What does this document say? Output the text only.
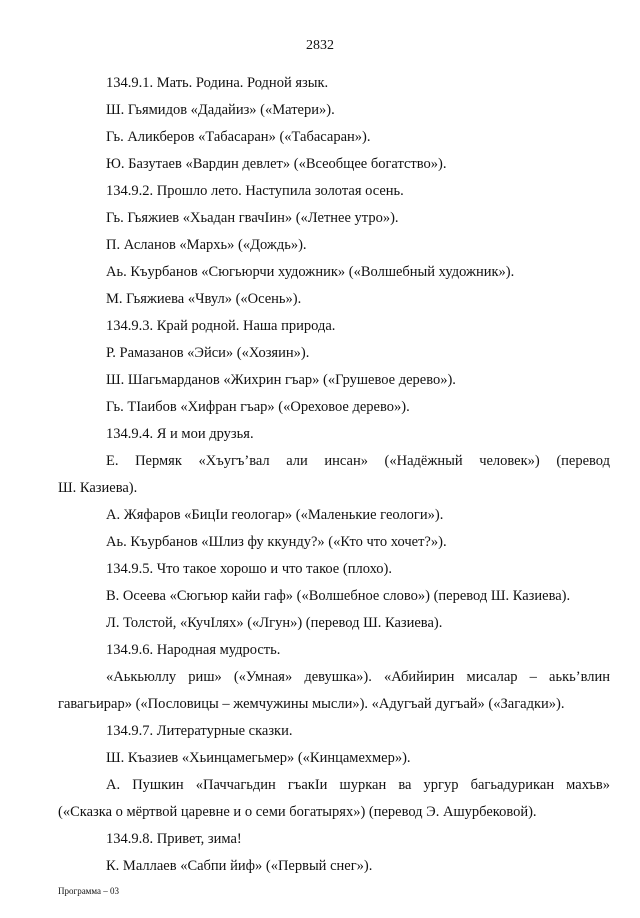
2832

134.9.1. Мать. Родина. Родной язык.

Ш. Гьямидов «Дадайиз» («Матери»).

Гь. Аликберов «Табасаран» («Табасаран»).

Ю. Базутаев «Вардин девлет» («Всеобщее богатство»).

134.9.2. Прошло лето. Наступила золотая осень.

Гь. Гьяжиев «Хьадан гвачIин» («Летнее утро»).

П. Асланов «Мархь» («Дождь»).

Аь. Къурбанов «Сюгьюрчи художник» («Волшебный художник»).

М. Гьяжиева «Чвул» («Осень»).

134.9.3. Край родной. Наша природа.

Р. Рамазанов «Эйси» («Хозяин»).

Ш. Шагьмарданов «Жихрин гъар» («Грушевое дерево»).

Гь. ТIаибов «Хифран гъар» («Ореховое дерево»).

134.9.4. Я и мои друзья.

Е. Пермяк «Хъугъ’вал али инсан» («Надёжный человек») (перевод

Ш. Казиева).

А. Жяфаров «БицIи геологар» («Маленькие геологи»).

Аь. Къурбанов «Шлиз фу ккунду?» («Кто что хочет?»).

134.9.5. Что такое хорошо и что такое (плохо).

В. Осеева «Сюгьюр кайи гаф» («Волшебное слово») (перевод Ш. Казиева).

Л. Толстой, «КучIлях» («Лгун») (перевод Ш. Казиева).

134.9.6. Народная мудрость.

«Аькьюллу риш» («Умная» девушка»). «Абийирин мисалар – аькь’влин

гавагьирар» («Пословицы – жемчужины мысли»). «Адугъай дугъай» («Загадки»).

134.9.7. Литературные сказки.

Ш. Къазиев «Хьинцамегьмер» («Кинцамехмер»).

А. Пушкин «Паччагьдин гъакIи шуркан ва ургур багьадурикан махъв»

(«Сказка о мёртвой царевне и о семи богатырях») (перевод Э. Ашурбековой).

134.9.8. Привет, зима!

К. Маллаев «Сабпи йиф» («Первый снег»).

Программа – 03
